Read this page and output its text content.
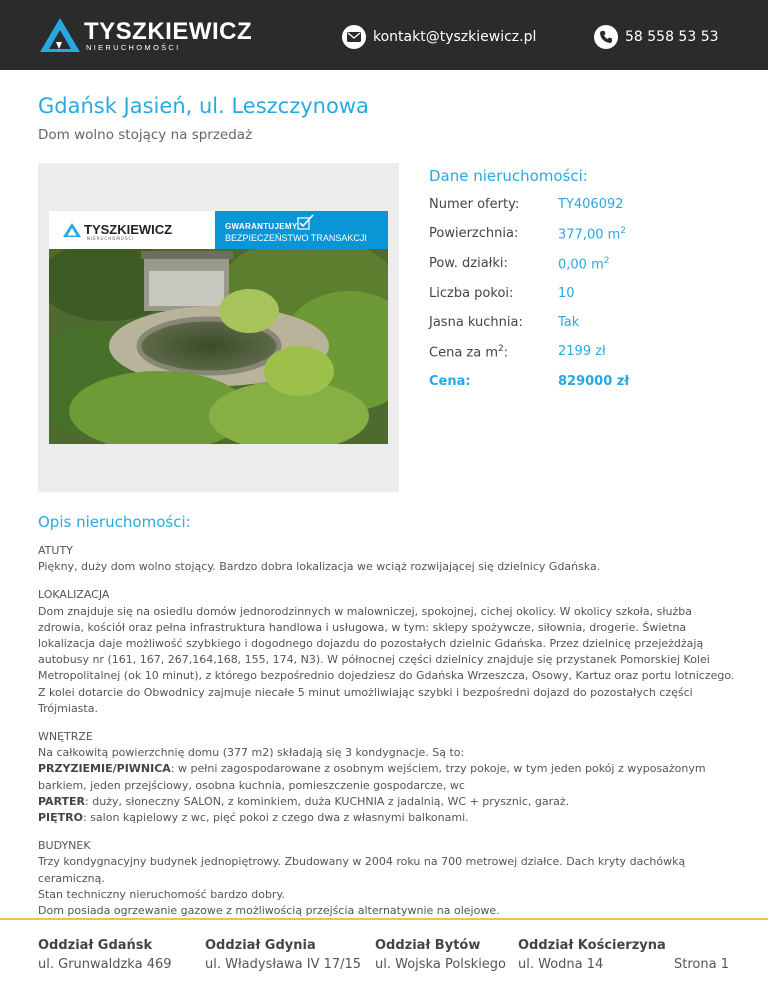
TYSZKIEWICZ
NIERUCHOMOŚCI
kontakt@tyszkiewicz.pl	58 558 53 53
Gdańsk Jasień, ul. Leszczynowa
Dom wolno stojący na sprzedaż
TYSZKIEWICZ
NIERUCHOMOŚCI
GWARANTUJEMY
BEZPIECZEŃSTWO TRANSAKCJI
Dane nieruchomości:
Numer oferty:	TY406092
Powierzchnia:	377,00 $m^2$
Pow. działki:	0,00 $m^2$
Liczba pokoi:	10
Jasna kuchnia:	Tak
Cena za $m^2$:	2199 zł
Cena:	829000 zł
Opis nieruchomości:
ATUTY
Piękny, duży dom wolno stojący. Bardzo dobra lokalizacja we wciąż rozwijającej się dzielnicy Gdańska.
LOKALIZACJA
Dom znajduje się na osiedlu domów jednorodzinnych w malowniczej, spokojnej, cichej okolicy. W okolicy szkoła, służba zdrowia, kościół oraz pełna infrastruktura handlowa i usługowa, w tym: sklepy spożywcze, siłownia, drogerie. Świetna lokalizacja daje możliwość szybkiego i dogodnego dojazdu do pozostałych dzielnic Gdańska. Przez dzielnicę przejeżdżają autobusy nr (161, 167, 267,164,168, 155, 174, N3). W północnej części dzielnicy znajduje się przystanek Pomorskiej Kolei Metropolitalnej (ok 10 minut), z którego bezpośrednio dojedziesz do Gdańska Wrzeszcza, Osowy, Kartuz oraz portu lotniczego. Z kolei dotarcie do Obwodnicy zajmuje niecałe 5 minut umożliwiając szybki i bezpośredni dojazd do pozostałych części Trójmiasta.
WNĘTRZE
Na całkowitą powierzchnię domu (377 m2) składają się 3 kondygnacje. Są to:
PRZYZIEMIE/PIWNICA: w pełni zagospodarowane z osobnym wejściem, trzy pokoje, w tym jeden pokój z wyposażonym barkiem, jeden przejściowy, osobna kuchnia, pomieszczenie gospodarcze, wc
PARTER: duży, słoneczny SALON, z kominkiem, duża KUCHNIA z jadalnią, WC + prysznic, garaż.
PIĘTRO: salon kąpielowy z wc, pięć pokoi z czego dwa z własnymi balkonami.
BUDYNEK
Trzy kondygnacyjny budynek jednopiętrowy. Zbudowany w 2004 roku na 700 metrowej działce. Dach kryty dachówką ceramiczną.
Stan techniczny nieruchomość bardzo dobry.
Dom posiada ogrzewanie gazowe z możliwością przejścia alternatywnie na olejowe.
Oddział Gdańsk
ul. Grunwaldzka 469
Oddział Gdynia
ul. Władysława IV 17/15
Oddział Bytów
ul. Wojska Polskiego
Oddział Kościerzyna
ul. Wodna 14	Strona 1
